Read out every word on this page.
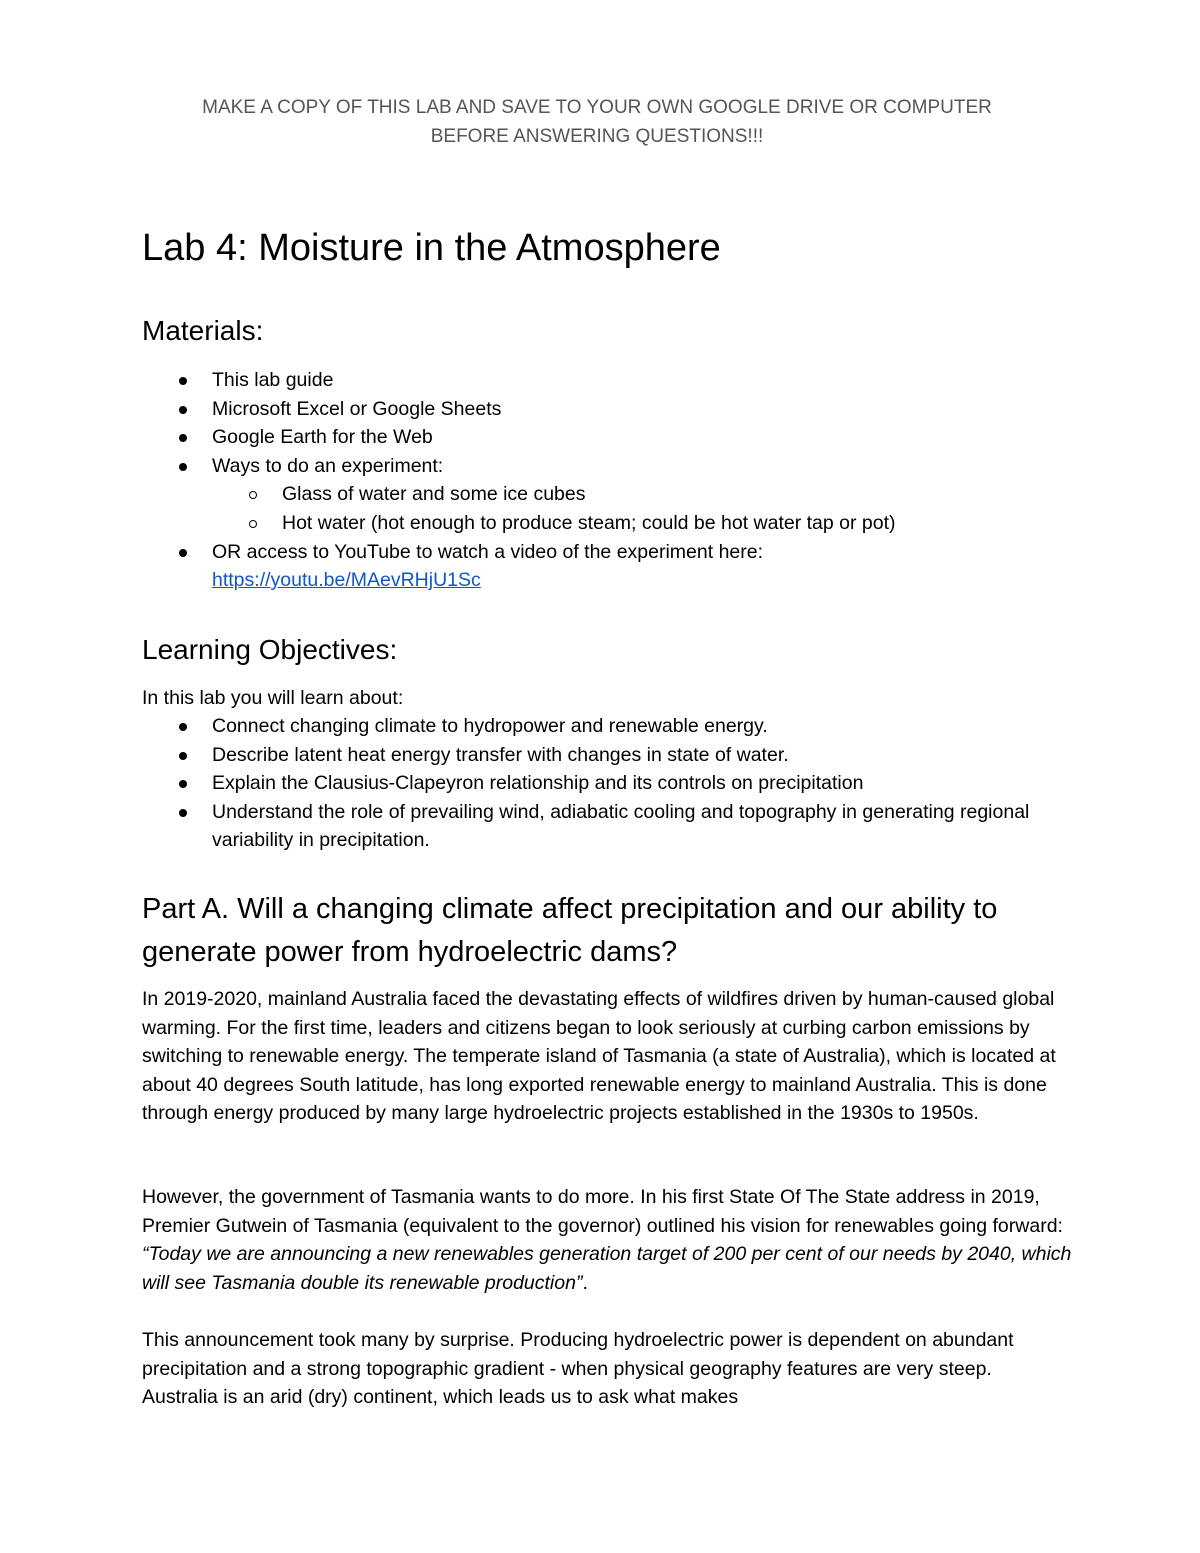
MAKE A COPY OF THIS LAB AND SAVE TO YOUR OWN GOOGLE DRIVE OR COMPUTER
BEFORE ANSWERING QUESTIONS!!!
Lab 4: Moisture in the Atmosphere
Materials:
This lab guide
Microsoft Excel or Google Sheets
Google Earth for the Web
Ways to do an experiment:
Glass of water and some ice cubes
Hot water (hot enough to produce steam; could be hot water tap or pot)
OR access to YouTube to watch a video of the experiment here:
https://youtu.be/MAevRHjU1Sc
Learning Objectives:
In this lab you will learn about:
Connect changing climate to hydropower and renewable energy.
Describe latent heat energy transfer with changes in state of water.
Explain the Clausius-Clapeyron relationship and its controls on precipitation
Understand the role of prevailing wind, adiabatic cooling and topography in generating regional variability in precipitation.
Part A. Will a changing climate affect precipitation and our ability to generate power from hydroelectric dams?

In 2019-2020, mainland Australia faced the devastating effects of wildfires driven by human-caused global warming. For the first time, leaders and citizens began to look seriously at curbing carbon emissions by switching to renewable energy. The temperate island of Tasmania (a state of Australia), which is located at about 40 degrees South latitude, has long exported renewable energy to mainland Australia. This is done through energy produced by many large hydroelectric projects established in the 1930s to 1950s.

However, the government of Tasmania wants to do more. In his first State Of The State address in 2019, Premier Gutwein of Tasmania (equivalent to the governor) outlined his vision for renewables going forward: “Today we are announcing a new renewables generation target of 200 per cent of our needs by 2040, which will see Tasmania double its renewable production”.

This announcement took many by surprise. Producing hydroelectric power is dependent on abundant precipitation and a strong topographic gradient - when physical geography features are very steep. Australia is an arid (dry) continent, which leads us to ask what makes
